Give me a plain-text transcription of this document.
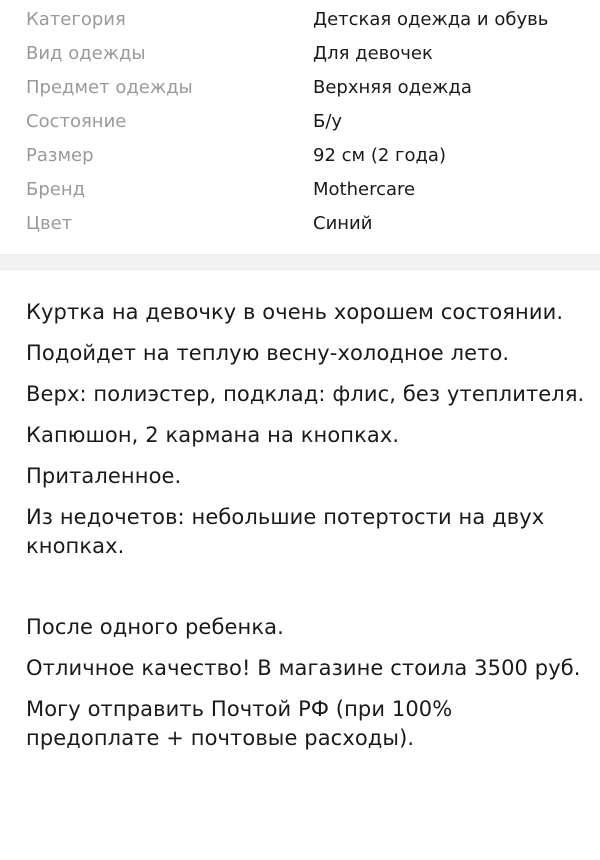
Категория	Детская одежда и обувь
Вид одежды	Для девочек
Предмет одежды	Верхняя одежда
Состояние	Б/у
Размер	92 см (2 года)
Бренд	Mothercare
Цвет	Синий

Куртка на девочку в очень хорошем состоянии.

Подойдет на теплую весну-холодное лето.

Верх: полиэстер, подклад: флис, без утеплителя.

Капюшон, 2 кармана на кнопках.

Приталенное.

Из недочетов: небольшие потертости на двух кнопках.

После одного ребенка.

Отличное качество! В магазине стоила 3500 руб.

Могу отправить Почтой РФ (при 100% предоплате + почтовые расходы).
